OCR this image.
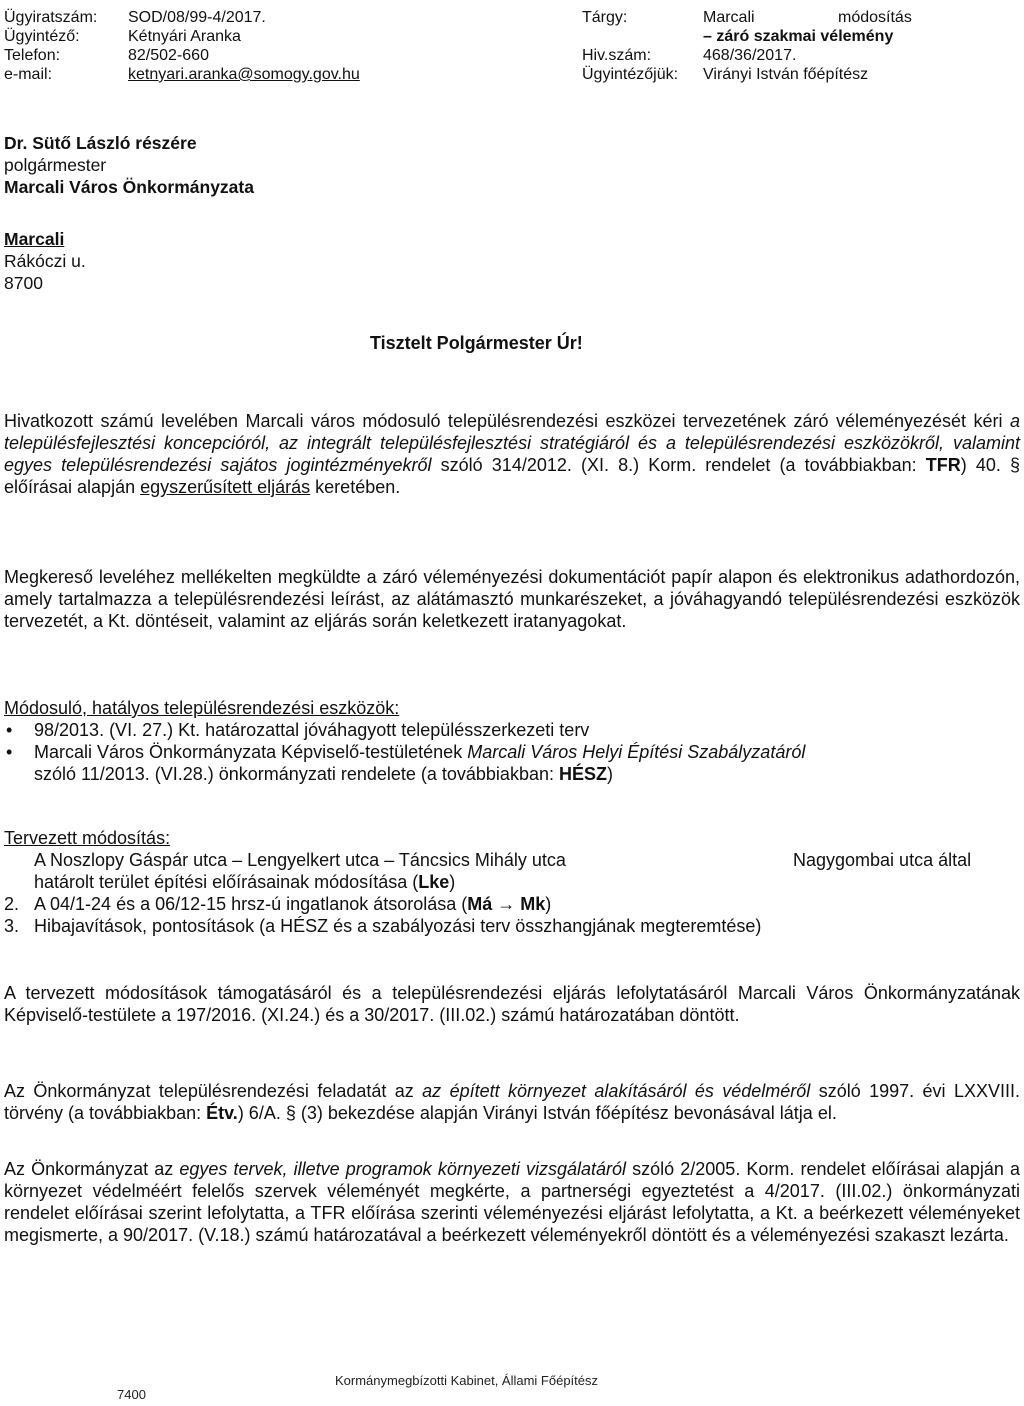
Ügyiratszám: SOD/08/99-4/2017.
Ügyintéző:	Kétnyári Aranka
Telefon:	82/502-660
e-mail:	ketnyari.aranka@somogy.gov.hu
Tárgy:	Marcali	módosítás
– záró szakmai vélemény
Hiv.szám:	468/36/2017.
Ügyintézőjük: Virányi István főépítész
Dr. Sütő László részére
polgármester
Marcali Város Önkormányzata
Marcali
Rákóczi u.
8700
Tisztelt Polgármester Úr!

Hivatkozott számú levelében Marcali város módosuló településrendezési eszközei tervezetének záró véleményezését kéri a településfejlesztési koncepcióról, az integrált településfejlesztési stratégiáról és a településrendezési eszközökről, valamint egyes településrendezési sajátos jogintézményekről szóló 314/2012. (XI. 8.) Korm. rendelet (a továbbiakban: TFR) 40. § előírásai alapján egyszerűsített eljárás keretében.

Megkereső leveléhez mellékelten megküldte a záró véleményezési dokumentációt papír alapon és elektronikus adathordozón, amely tartalmazza a településrendezési leírást, az alátámasztó munkarészeket, a jóváhagyandó településrendezési eszközök tervezetét, a Kt. döntéseit, valamint az eljárás során keletkezett iratanyagokat.

Módosuló, hatályos településrendezési eszközök:
• 98/2013. (VI. 27.) Kt. határozattal jóváhagyott településszerkezeti terv
• Marcali Város Önkormányzata Képviselő-testületének Marcali Város Helyi Építési Szabályzatáról
szóló 11/2013. (VI.28.) önkormányzati rendelete (a továbbiakban: HÉSZ)
Tervezett módosítás:
A Noszlopy Gáspár utca – Lengyelkert utca – Táncsics Mihály utca	Nagygombai utca által
határolt terület építési előírásainak módosítása (Lke)
2. A 04/1-24 és a 06/12-15 hrsz-ú ingatlanok átsorolása (Má → Mk)
3. Hibajavítások, pontosítások (a HÉSZ és a szabályozási terv összhangjának megteremtése)

A tervezett módosítások támogatásáról és a településrendezési eljárás lefolytatásáról Marcali Város Önkormányzatának Képviselő-testülete a 197/2016. (XI.24.) és a 30/2017. (III.02.) számú határozatában döntött.

Az Önkormányzat településrendezési feladatát az az épített környezet alakításáról és védelméről szóló 1997. évi LXXVIII. törvény (a továbbiakban: Étv.) 6/A. § (3) bekezdése alapján Virányi István főépítész bevonásával látja el.

Az Önkormányzat az egyes tervek, illetve programok környezeti vizsgálatáról szóló 2/2005. Korm. rendelet előírásai alapján a környezet védelméért felelős szervek véleményét megkérte, a partnerségi egyeztetést a 4/2017. (III.02.) önkormányzati rendelet előírásai szerint lefolytatta, a TFR előírása szerinti véleményezési eljárást lefolytatta, a Kt. a beérkezett véleményeket megismerte, a 90/2017. (V.18.) számú határozatával a beérkezett véleményekről döntött és a véleményezési szakaszt lezárta.

7400
Kormánymegbízotti Kabinet, Állami Főépítész
